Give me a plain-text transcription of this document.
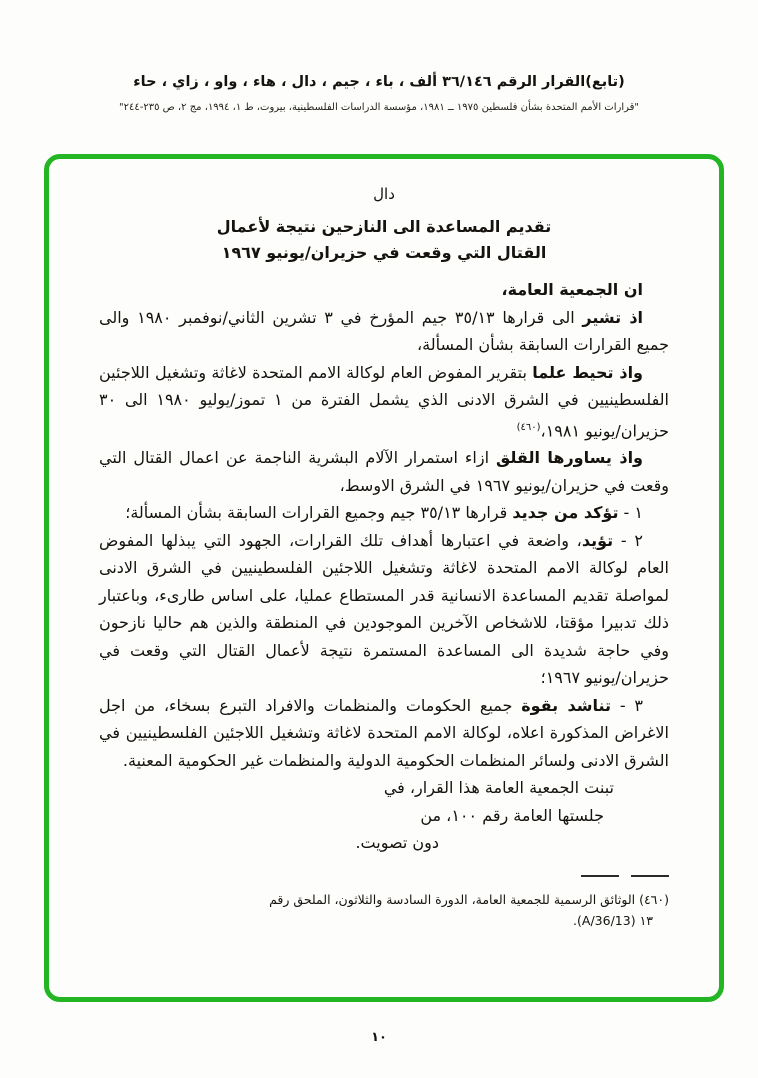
(تابع)القرار الرقم ٣٦/١٤٦ ألف ، باء ، جيم ، دال ، هاء ، واو ، زاي ، حاء
"قرارات الأمم المتحدة بشأن فلسطين ١٩٧٥ ــ ١٩٨١، مؤسسة الدراسات الفلسطينية، بيروت، ط ١، ١٩٩٤، مج ٢، ص ٢٣٥-٢٤٤"
دال
تقديم المساعدة الى النازحين نتيجة لأعمال
القتال التي وقعت في حزيران/يونيو ١٩٦٧

ان الجمعية العامة،

اذ تشير الى قرارها ٣٥/١٣ جيم المؤرخ في ٣ تشرين الثاني/نوفمبر ١٩٨٠ والى جميع القرارات السابقة بشأن المسألة،

واذ تحيط علما بتقرير المفوض العام لوكالة الامم المتحدة لاغاثة وتشغيل اللاجئين الفلسطينيين في الشرق الادنى الذي يشمل الفترة من ١ تموز/يوليو ١٩٨٠ الى ٣٠ حزيران/يونيو ١٩٨١،$^{(٤٦٠)}$

واذ يساورها القلق ازاء استمرار الآلام البشرية الناجمة عن اعمال القتال التي وقعت في حزيران/يونيو ١٩٦٧ في الشرق الاوسط،

١ - تؤكد من جديد قرارها ٣٥/١٣ جيم وجميع القرارات السابقة بشأن المسألة؛

٢ - تؤيد، واضعة في اعتبارها أهداف تلك القرارات، الجهود التي يبذلها المفوض العام لوكالة الامم المتحدة لاغاثة وتشغيل اللاجئين الفلسطينيين في الشرق الادنى لمواصلة تقديم المساعدة الانسانية قدر المستطاع عمليا، على اساس طارىء، وباعتبار ذلك تدبيرا مؤقتا، للاشخاص الآخرين الموجودين في المنطقة والذين هم حاليا نازحون وفي حاجة شديدة الى المساعدة المستمرة نتيجة لأعمال القتال التي وقعت في حزيران/يونيو ١٩٦٧؛

٣ - تناشد بقوة جميع الحكومات والمنظمات والافراد التبرع بسخاء، من اجل الاغراض المذكورة اعلاه، لوكالة الامم المتحدة لاغاثة وتشغيل اللاجئين الفلسطينيين في الشرق الادنى ولسائر المنظمات الحكومية الدولية والمنظمات غير الحكومية المعنية.

تبنت الجمعية العامة هذا القرار، في
جلستها العامة رقم ١٠٠، من
دون تصويت.
(٤٦٠) الوثائق الرسمية للجمعية العامة، الدورة السادسة والثلاثون، الملحق رقم
١٣ (A/36/13).
١٠
